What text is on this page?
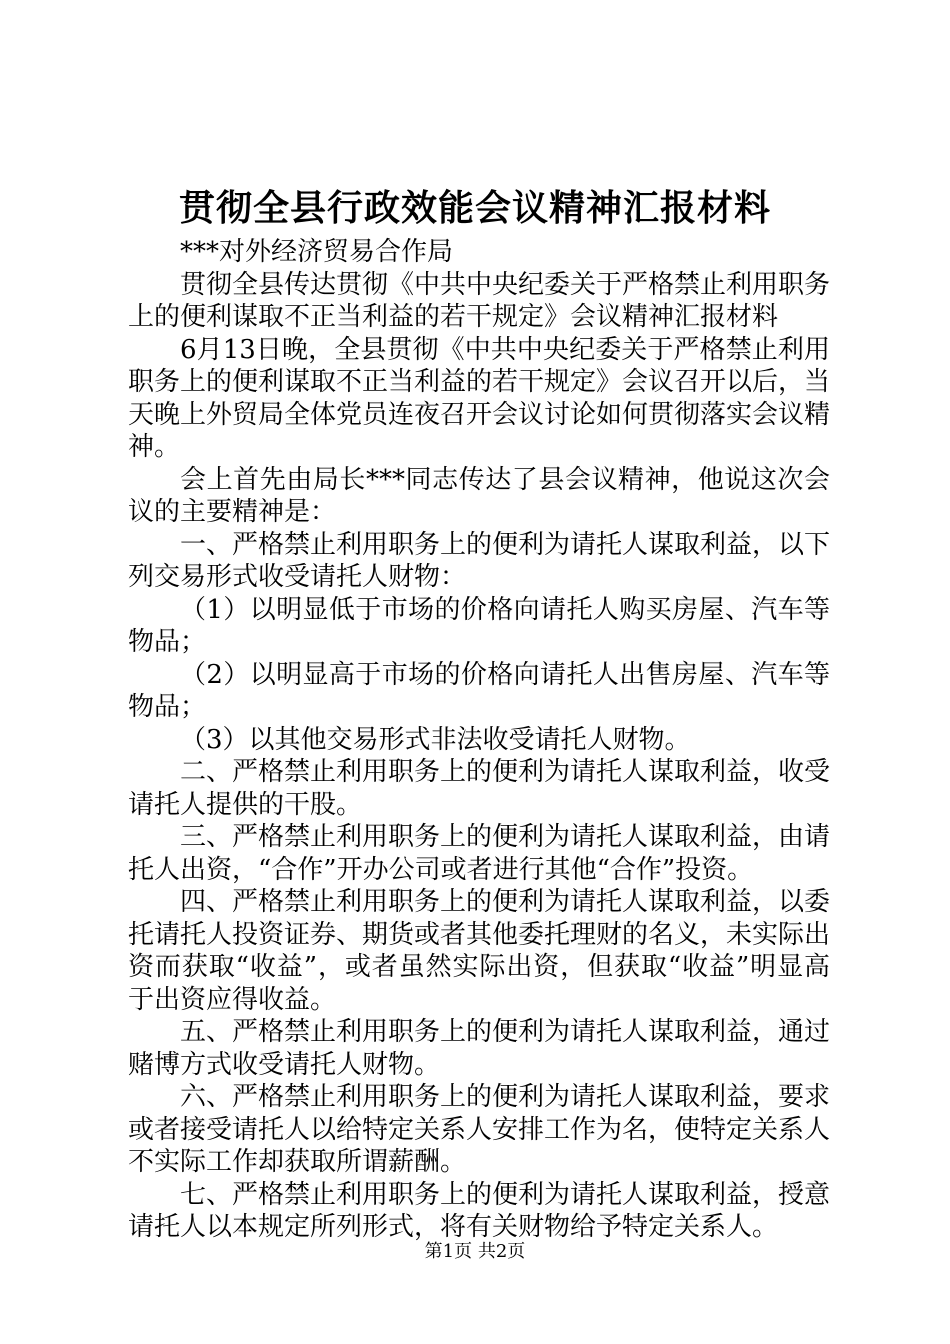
贯彻全县行政效能会议精神汇报材料

***对外经济贸易合作局

贯彻全县传达贯彻《中共中央纪委关于严格禁止利用职务上的便利谋取不正当利益的若干规定》会议精神汇报材料

6月13日晚，全县贯彻《中共中央纪委关于严格禁止利用职务上的便利谋取不正当利益的若干规定》会议召开以后，当天晚上外贸局全体党员连夜召开会议讨论如何贯彻落实会议精神。

会上首先由局长***同志传达了县会议精神，他说这次会议的主要精神是：

一、严格禁止利用职务上的便利为请托人谋取利益，以下列交易形式收受请托人财物：

（1）以明显低于市场的价格向请托人购买房屋、汽车等物品；

（2）以明显高于市场的价格向请托人出售房屋、汽车等物品；

（3）以其他交易形式非法收受请托人财物。

二、严格禁止利用职务上的便利为请托人谋取利益，收受请托人提供的干股。

三、严格禁止利用职务上的便利为请托人谋取利益，由请托人出资，“合作”开办公司或者进行其他“合作”投资。

四、严格禁止利用职务上的便利为请托人谋取利益，以委托请托人投资证券、期货或者其他委托理财的名义，未实际出资而获取“收益”，或者虽然实际出资，但获取“收益”明显高于出资应得收益。

五、严格禁止利用职务上的便利为请托人谋取利益，通过赌博方式收受请托人财物。

六、严格禁止利用职务上的便利为请托人谋取利益，要求或者接受请托人以给特定关系人安排工作为名，使特定关系人不实际工作却获取所谓薪酬。

七、严格禁止利用职务上的便利为请托人谋取利益，授意请托人以本规定所列形式，将有关财物给予特定关系人。

第1页 共2页
